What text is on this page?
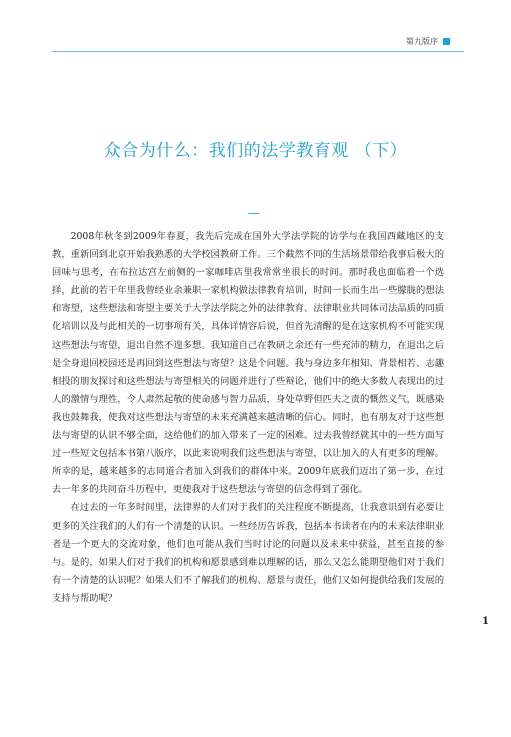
第九版序
众合为什么：我们的法学教育观 （下）
—

2008年秋冬到2009年春夏，我先后完成在国外大学法学院的访学与在我国西藏地区的支教，重新回到北京开始我熟悉的大学校园教研工作。三个截然不同的生活场景带给我事后极大的回味与思考，在布拉达宫左前侧的一家咖啡店里我常常坐很长的时间。那时我也面临着一个选择，此前的若干年里我曾经业余兼职一家机构做法律教育培训，时间一长而生出一些朦胧的想法和寄望，这些想法和寄望主要关于大学法学院之外的法律教育、法律职业共同体司法品质的同质化培训以及与此相关的一切事项有关，具体详情容后说，但首先清醒的是在这家机构不可能实现这些想法与寄望，退出自然不遑多想。我知道自己在教研之余还有一些充沛的精力，在退出之后是全身退回校园还是再回到这些想法与寄望？这是个问题。我与身边多年相知、背景相若、志趣相投的朋友探讨和这些想法与寄望相关的问题并进行了些辩论，他们中的绝大多数人表现出的过人的激情与理性，令人肃然起敬的使命感与智力品质，身处草野但匹夫之责的慨然义气，既感染我也鼓舞我，使我对这些想法与寄望的未来充满越来越清晰的信心。同时，也有朋友对于这些想法与寄望的认识不够全面，这给他们的加入带来了一定的困难。过去我曾经就其中的一些方面写过一些短文包括本书第八版序，以此来说明我们这些想法与寄望，以让加入的人有更多的理解。所幸的是，越来越多的志同道合者加入到我们的群体中来。2009年底我们迈出了第一步，在过去一年多的共同奋斗历程中，更使我对于这些想法与寄望的信念得到了强化。

在过去的一年多时间里，法律界的人们对于我们的关注程度不断提高，让我意识到有必要让更多的关注我们的人们有一个清楚的认识。一些经历告诉我，包括本书读者在内的未来法律职业者是一个更大的交流对象，他们也可能从我们当时讨论的问题以及未来中获益，甚至直接的参与。是的，如果人们对于我们的机构和愿景感到难以理解的话，那么又怎么能期望他们对于我们有一个清楚的认识呢？如果人们不了解我们的机构、愿景与责任，他们又如何提供给我们发展的支持与帮助呢？

1
